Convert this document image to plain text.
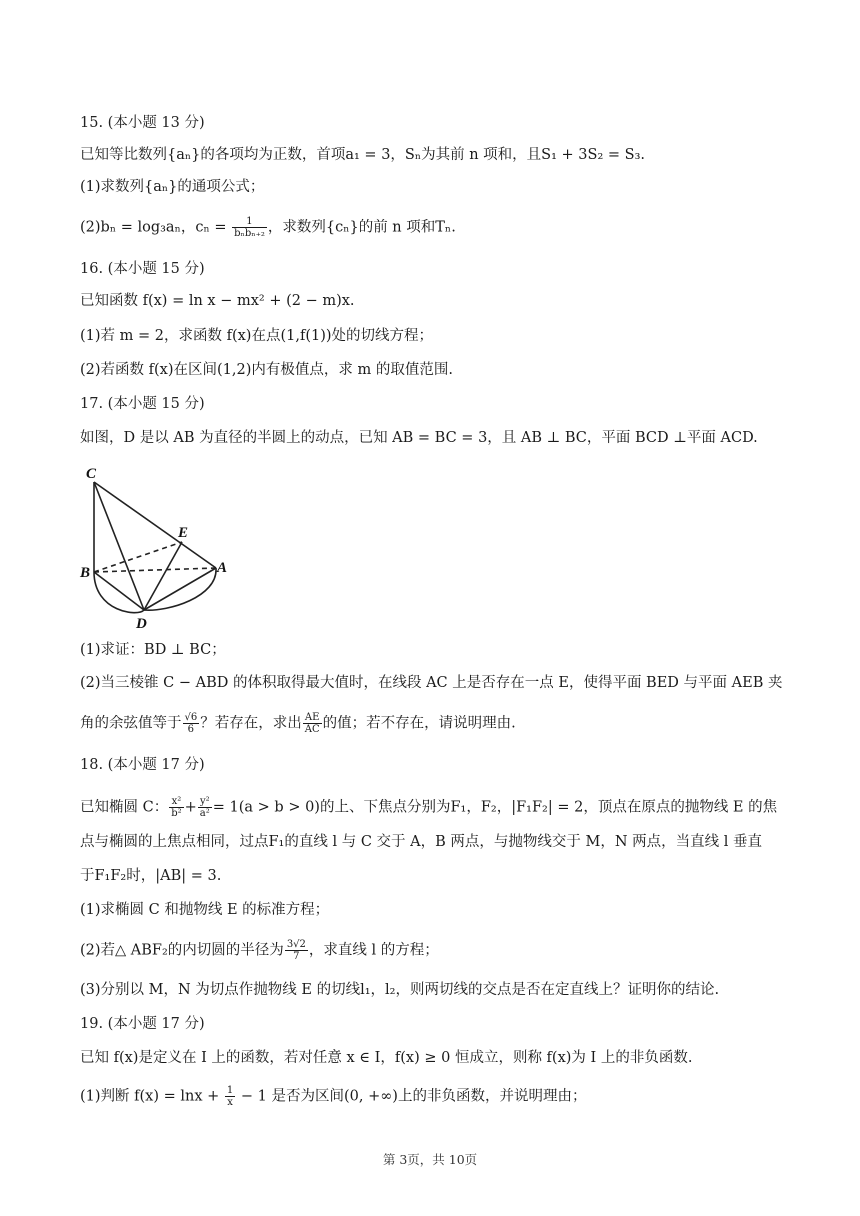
15. (本小题 13 分)
已知等比数列{aₙ}的各项均为正数，首项a₁ = 3，Sₙ为其前 n 项和，且S₁ + 3S₂ = S₃.
(1)求数列{aₙ}的通项公式；
(2)bₙ = log₃aₙ，$c_n = \frac{1}{\text{bₙbₙ₊₂}}$ ，求数列{cₙ}的前 n 项和Tₙ.
16. (本小题 15 分)
已知函数 f(x) = ln x − mx² + (2 − m)x.
(1)若 m = 2，求函数 f(x)在点(1,f(1))处的切线方程；
(2)若函数 f(x)在区间(1,2)内有极值点，求 m 的取值范围.
17. (本小题 15 分)
如图，D 是以 AB 为直径的半圆上的动点，已知 AB = BC = 3，且 AB ⊥ BC，平面 BCD ⊥平面 ACD.
C
E
B	A
D
(1)求证：BD ⊥ BC；
(2)当三棱锥 C − ABD 的体积取得最大值时，在线段 AC 上是否存在一点 E，使得平面 BED 与平面 AEB 夹
角的余弦值等于 $\frac{√6}{6}$ ？若存在，求出 $\frac{AE}{AC}$ 的值；若不存在，请说明理由.
18. (本小题 17 分)
已知椭圆 C： $\frac{\text{x²}}{\text{b²}} + \frac{\text{y²}}{\text{a²}} = 1(a > b > 0)$的上、下焦点分别为F₁，F₂，|F₁F₂| = 2，顶点在原点的抛物线 E 的焦
点与椭圆的上焦点相同，过点F₁的直线 l 与 C 交于 A，B 两点，与抛物线交于 M，N 两点，当直线 l 垂直
于F₁F₂时，|AB| = 3.
(1)求椭圆 C 和抛物线 E 的标准方程；
(2)若△ ABF₂的内切圆的半径为 $\frac{3√2}{7}$ ，求直线 l 的方程；
(3)分别以 M，N 为切点作抛物线 E 的切线l₁，l₂，则两切线的交点是否在定直线上？证明你的结论.
19. (本小题 17 分)
已知 f(x)是定义在 I 上的函数，若对任意 x ∈ I，f(x) ≥ 0 恒成立，则称 f(x)为 I 上的非负函数.
(1)判断 $f(x) = \ln x + \frac{1}{x} - 1$ 是否为区间(0, +∞)上的非负函数，并说明理由；
第 3页，共 10页
